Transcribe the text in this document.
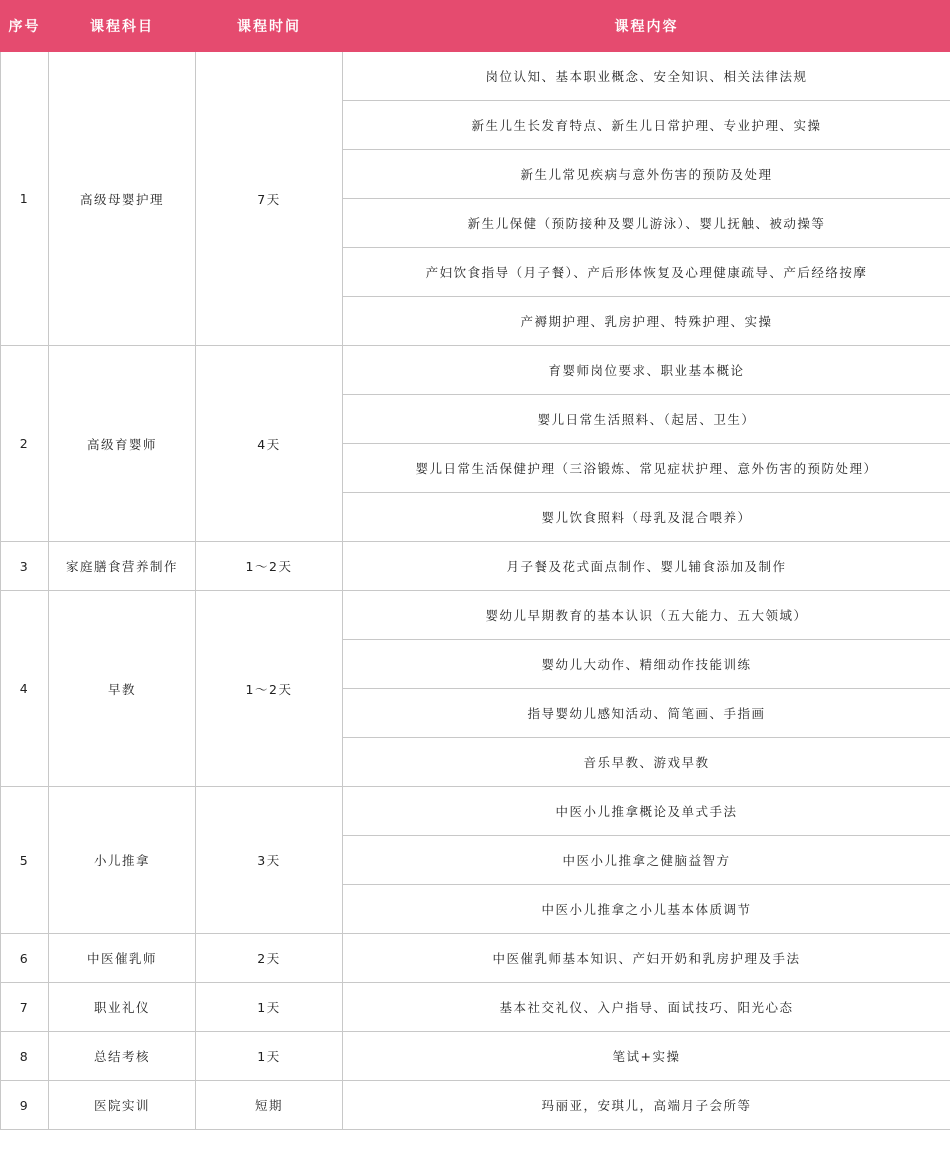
序号	课程科目	课程时间	课程内容
1	高级母婴护理	7天	岗位认知、基本职业概念、安全知识、相关法律法规
			新生儿生长发育特点、新生儿日常护理、专业护理、实操
			新生儿常见疾病与意外伤害的预防及处理
			新生儿保健（预防接种及婴儿游泳）、婴儿抚触、被动操等
			产妇饮食指导（月子餐）、产后形体恢复及心理健康疏导、产后经络按摩
			产褥期护理、乳房护理、特殊护理、实操
2	高级育婴师	4天	育婴师岗位要求、职业基本概论
			婴儿日常生活照料、（起居、卫生）
			婴儿日常生活保健护理（三浴锻炼、常见症状护理、意外伤害的预防处理）
			婴儿饮食照料（母乳及混合喂养）
3	家庭膳食营养制作	1～2天	月子餐及花式面点制作、婴儿辅食添加及制作
4	早教	1～2天	婴幼儿早期教育的基本认识（五大能力、五大领域）
			婴幼儿大动作、精细动作技能训练
			指导婴幼儿感知活动、简笔画、手指画
			音乐早教、游戏早教
5	小儿推拿	3天	中医小儿推拿概论及单式手法
			中医小儿推拿之健脑益智方
			中医小儿推拿之小儿基本体质调节
6	中医催乳师	2天	中医催乳师基本知识、产妇开奶和乳房护理及手法
7	职业礼仪	1天	基本社交礼仪、入户指导、面试技巧、阳光心态
8	总结考核	1天	笔试+实操
9	医院实训	短期	玛丽亚，安琪儿，高端月子会所等
